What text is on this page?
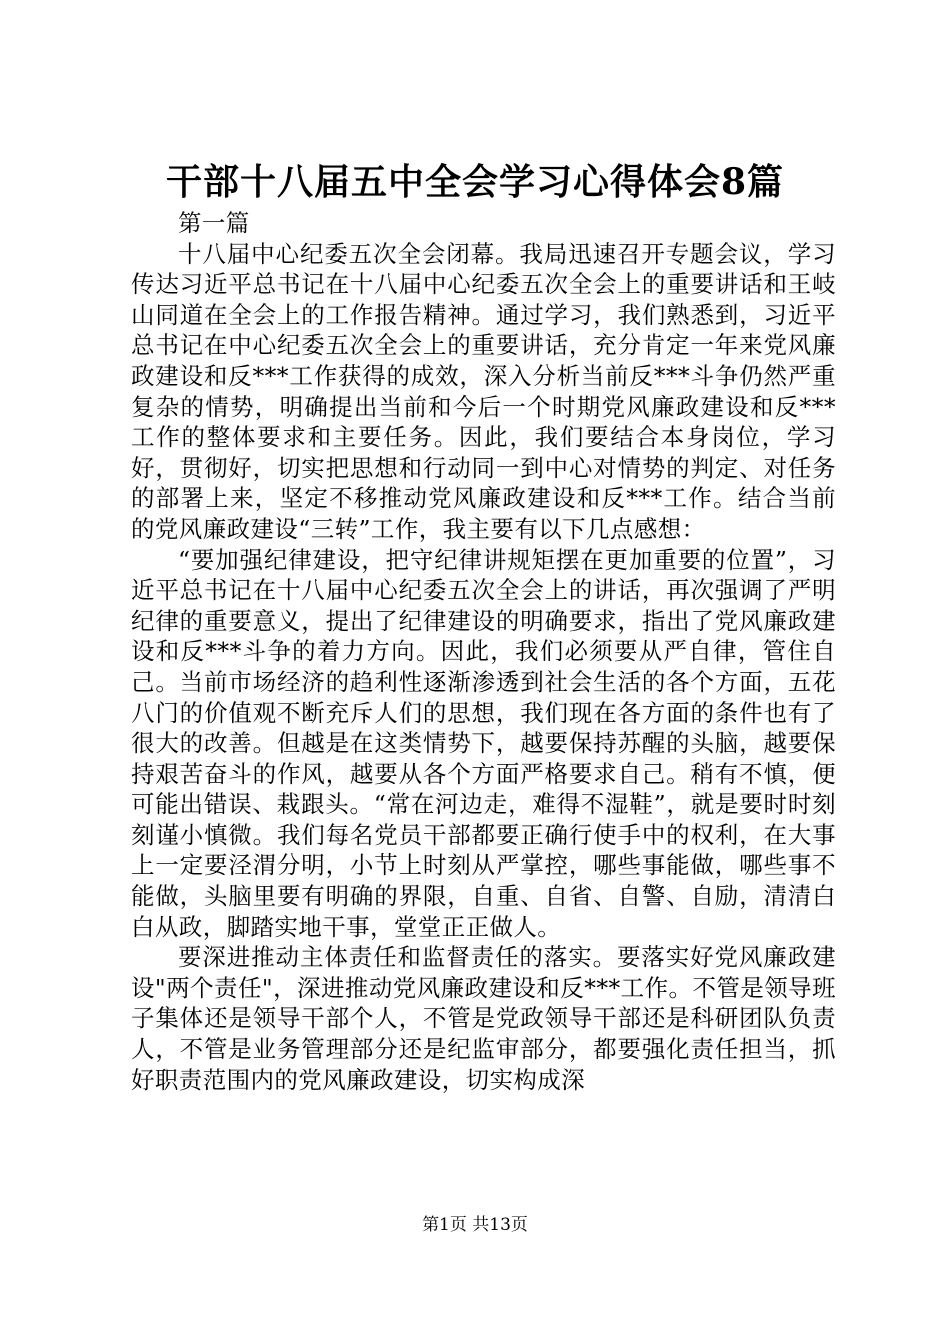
干部十八届五中全会学习心得体会8篇

第一篇

十八届中心纪委五次全会闭幕。我局迅速召开专题会议，学习传达习近平总书记在十八届中心纪委五次全会上的重要讲话和王岐山同道在全会上的工作报告精神。通过学习，我们熟悉到，习近平总书记在中心纪委五次全会上的重要讲话，充分肯定一年来党风廉政建设和反***工作获得的成效，深入分析当前反***斗争仍然严重复杂的情势，明确提出当前和今后一个时期党风廉政建设和反***工作的整体要求和主要任务。因此，我们要结合本身岗位，学习好，贯彻好，切实把思想和行动同一到中心对情势的判定、对任务的部署上来，坚定不移推动党风廉政建设和反***工作。结合当前的党风廉政建设“三转”工作，我主要有以下几点感想：

“要加强纪律建设，把守纪律讲规矩摆在更加重要的位置”，习近平总书记在十八届中心纪委五次全会上的讲话，再次强调了严明纪律的重要意义，提出了纪律建设的明确要求，指出了党风廉政建设和反***斗争的着力方向。因此，我们必须要从严自律，管住自己。当前市场经济的趋利性逐渐渗透到社会生活的各个方面，五花八门的价值观不断充斥人们的思想，我们现在各方面的条件也有了很大的改善。但越是在这类情势下，越要保持苏醒的头脑，越要保持艰苦奋斗的作风，越要从各个方面严格要求自己。稍有不慎，便可能出错误、栽跟头。“常在河边走，难得不湿鞋”，就是要时时刻刻谨小慎微。我们每名党员干部都要正确行使手中的权利，在大事上一定要泾渭分明，小节上时刻从严掌控，哪些事能做，哪些事不能做，头脑里要有明确的界限，自重、自省、自警、自励，清清白白从政，脚踏实地干事，堂堂正正做人。

要深进推动主体责任和监督责任的落实。要落实好党风廉政建设"两个责任"，深进推动党风廉政建设和反***工作。不管是领导班子集体还是领导干部个人，不管是党政领导干部还是科研团队负责人，不管是业务管理部分还是纪监审部分，都要强化责任担当，抓好职责范围内的党风廉政建设，切实构成深

第1页 共13页
